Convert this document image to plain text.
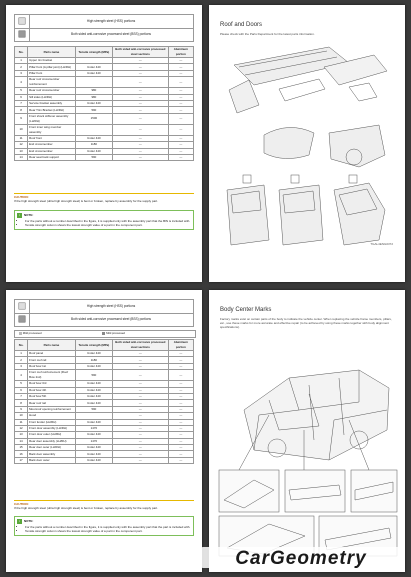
High strength steel (HSS) portions
Both sided anti-corrosive processed steel (BSS) portions
No.	Parts name	Tensile strength (MPa)	Both sided anti-corrosive processed steel sections	Aluminum portion
1	Upper rim bracket		—	—
2	Pillar front (A pillar joint) (LH/RH)	Under 440	—	—
3	Pillar front	Under 440	—	—
4	Rear roof crossmember reinforcement		—	—
5	Rear roof crossmember	980	—	—
6	Sill sides (LH/RH)	980	—	—
7	Service bracket assembly	Under 440	—	—
8	Rear Trim Bracket (LH/RH)	590	—	—
9	Front shock stiffener assembly (LH/RH)	1500	—	—
10	Front inner wing member assembly		—	—
11	Roof front	Under 440	—	—
12	End crossmember	1180	—	—
13	End crossmember	Under 440	—	—
14	Rear seat back support	590	—	—
CAUTION:
If the high strength steel (ultra high strength steel) is bent or broken, replace by assembly for the supply part.
i NOTE:
• For the parts without a number described in the figure, it is supplied only with the assembly part that the BIN is included with.
• Tensile strength column shows the lowest strength value of a part in the component part.
Roof and Doors
Please check with the Parts Department for the latest parts information.
TGAL4ENG0372
High strength steel (HSS) portions
Both sided anti-corrosive processed steel (BSS) portions
Mild processed	Mild processed
No.	Parts name	Tensile strength (MPa)	Both sided anti-corrosive processed steel sections	Aluminum portion
1	Roof panel	Under 440	—	—
2	Front roof rail	1180	—	—
3	Roof bow 1st	Under 440	—	—
4	Front roof reinforcement (Roof Bow 2nd)	590	—	—
5	Roof bow 3rd	Under 440	—	—
6	Roof bow 4th	Under 440	—	—
7	Roof bow 5th	Under 440	—	—
8	Rear roof rail	Under 440	—	—
9	Moonroof opening reinforcement	590	—	—
10	Hood		—	—
11	Front fender (LH/RH)	Under 440	—	—
12	Front door assembly (LH/RH)	1470	—	—
13	Front door outer (LH/RH)	Under 440	—	—
14	Rear door assembly (LH/RH)	1470	—	—
15	Rear door outer (LH/RH)	Under 440	—	—
16	Back door assembly	Under 440	—	—
17	Back door outer	Under 440	—	—
CAUTION:
If the high strength steel (ultra high strength steel) is bent or broken, replace by assembly for the supply part.
i NOTE:
• For the parts without a number described in the figure, it is supplied only with the assembly part that the part is included with.
• Tensile strength column shows the lowest strength value of a part in the component part.
Body Center Marks
Factory marks exist on certain parts of the body to indicate the vehicle center. When replacing the vehicle frame members, pillars, etc., use these marks for more accurate and effective repair (to be achieved by using these marks together with body alignment specifications).
CarGeometry
